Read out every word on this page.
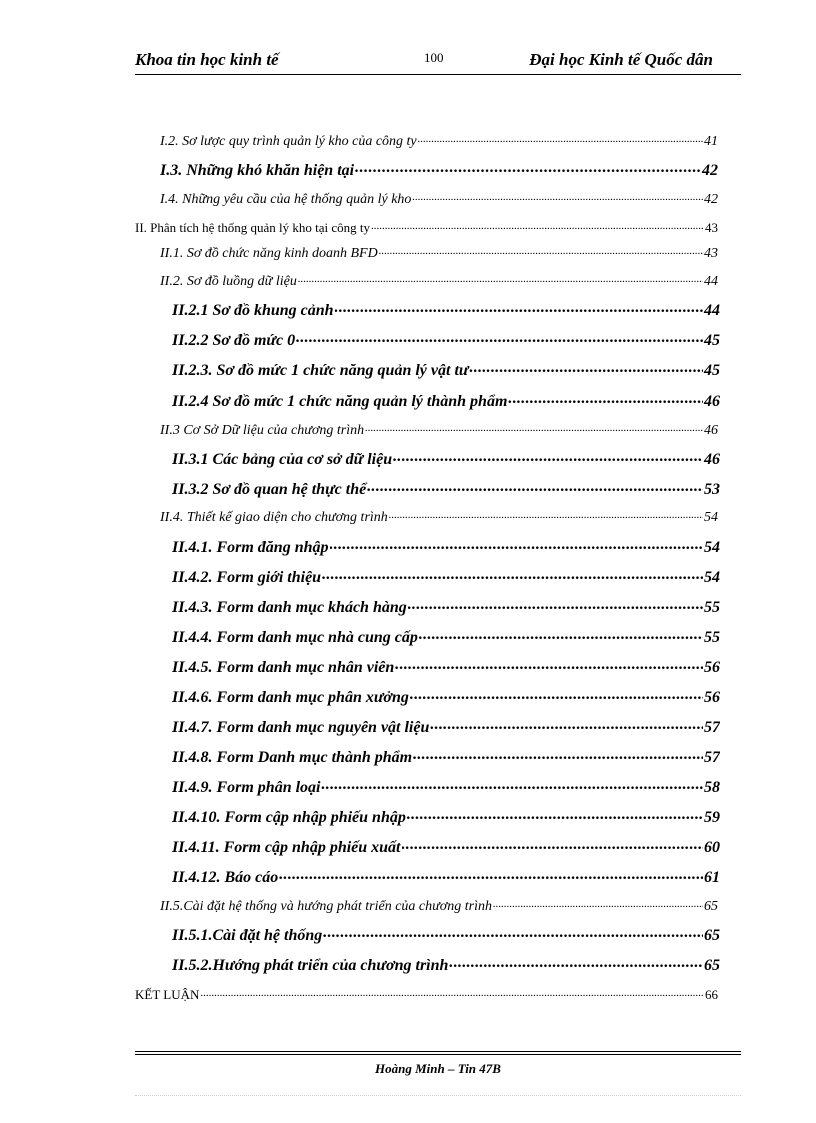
Khoa tin học kinh tế	100	Đại học Kinh tế Quốc dân
I.2. Sơ lược quy trình quản lý kho của công ty .....	41
I.3. Những khó khăn hiện tại .....	42
I.4. Những yêu cầu của hệ thống quản lý kho .....	42
II. Phân tích hệ thống quản lý kho tại công ty .....	43
II.1. Sơ đồ chức năng kinh doanh BFD .....	43
II.2. Sơ đồ luồng dữ liệu .....	44
II.2.1 Sơ đồ khung cảnh .....	44
II.2.2 Sơ đồ mức 0 .....	45
II.2.3. Sơ đồ mức 1 chức năng quản lý vật tư .....	45
II.2.4 Sơ đồ mức 1 chức năng quản lý thành phẩm .....	46
II.3 Cơ Sở Dữ liệu của chương trình .....	46
II.3.1 Các bảng của cơ sở dữ liệu .....	46
II.3.2 Sơ đồ quan hệ thực thể .....	53
II.4. Thiết kế giao diện cho chương trình .....	54
II.4.1. Form đăng nhập .....	54
II.4.2. Form giới thiệu .....	54
II.4.3. Form danh mục khách hàng .....	55
II.4.4. Form danh mục nhà cung cấp .....	55
II.4.5. Form danh mục nhân viên .....	56
II.4.6. Form danh mục phân xưởng .....	56
II.4.7. Form danh mục nguyên vật liệu .....	57
II.4.8. Form Danh mục thành phẩm .....	57
II.4.9. Form phân loại .....	58
II.4.10. Form cập nhập phiếu nhập .....	59
II.4.11. Form cập nhập phiếu xuất .....	60
II.4.12. Báo cáo .....	61
II.5.Cài đặt hệ thống và hướng phát triển của chương trình .....	65
II.5.1.Cài đặt hệ thống .....	65
II.5.2.Hướng phát triển của chương trình .....	65
KẾT LUẬN .....	66
Hoàng Minh – Tin 47B
